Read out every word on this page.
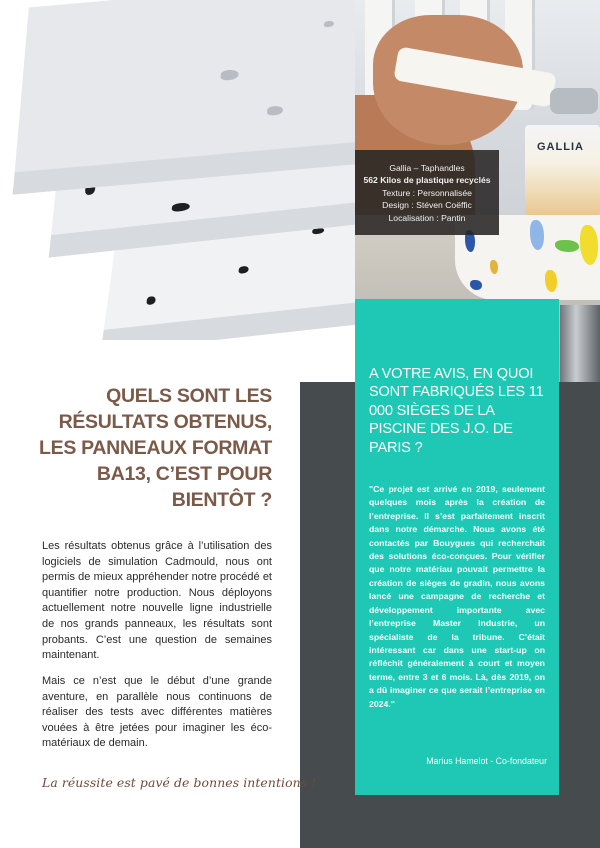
GALLIA
Gallia – Taphandles
562 Kilos de plastique recyclés
Texture : Personnalisée
Design : Stéven Coëffic
Localisation : Pantin
A VOTRE AVIS, EN QUOI SONT FABRIQUÉS LES 11 000 SIÈGES DE LA PISCINE DES J.O. DE PARIS ?

"Ce projet est arrivé en 2019, seulement quelques mois après la création de l’entreprise. Il s’est parfaitement inscrit dans notre démarche. Nous avons été contactés par Bouygues qui recherchait des solutions éco-conçues. Pour vérifier que notre matériau pouvait permettre la création de sièges de gradin, nous avons lancé une campagne de recherche et développement importante avec l’entreprise Master Industrie, un spécialiste de la tribune. C’était intéressant car dans une start-up on réfléchit généralement à court et moyen terme, entre 3 et 6 mois. Là, dès 2019, on a dû imaginer ce que serait l’entreprise en 2024."

Marius Hamelot - Co-fondateur
QUELS SONT LES
RÉSULTATS OBTENUS,
LES PANNEAUX FORMAT
BA13, C’EST POUR
BIENTÔT ?

Les résultats obtenus grâce à l’utilisation des logiciels de simulation Cadmould, nous ont permis de mieux appréhender notre procédé et quantifier notre production. Nous déployons actuellement notre nouvelle ligne industrielle de nos grands panneaux, les résultats sont probants. C’est une question de semaines maintenant.

Mais ce n’est que le début d’une grande aventure, en parallèle nous continuons de réaliser des tests avec différentes matières vouées à être jetées pour imaginer les éco-matériaux de demain.

La réussite est pavé de bonnes intentions !
